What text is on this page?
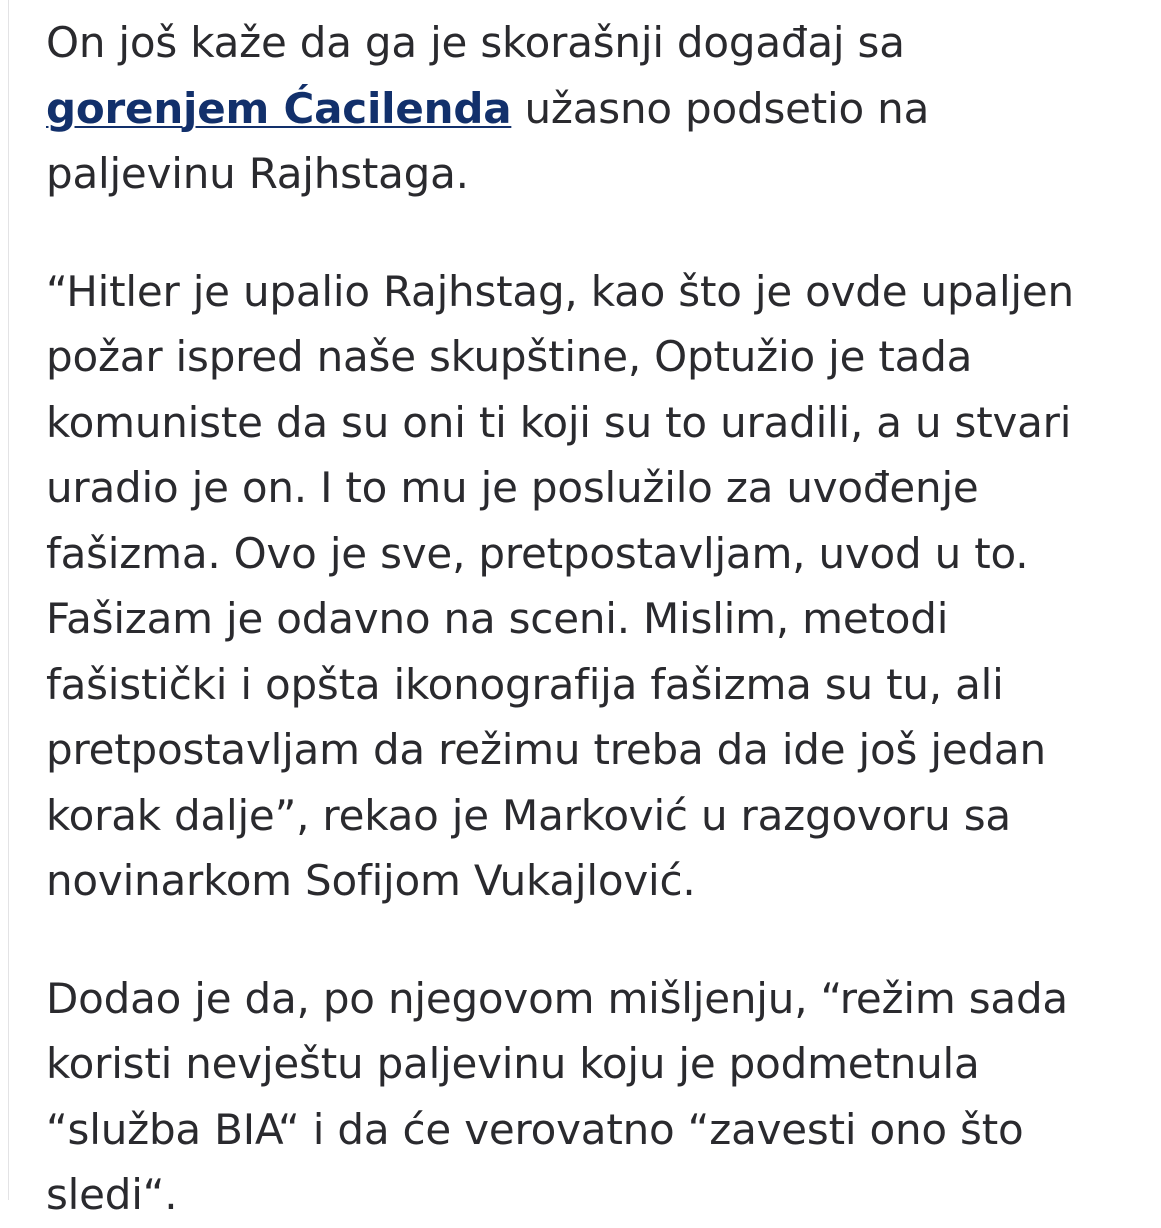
On još kaže da ga je skorašnji događaj sa gorenjem Ćacilenda užasno podsetio na paljevinu Rajhstaga.

“Hitler je upalio Rajhstag, kao što je ovde upaljen požar ispred naše skupštine, Optužio je tada komuniste da su oni ti koji su to uradili, a u stvari uradio je on. I to mu je poslužilo za uvođenje fašizma. Ovo je sve, pretpostavljam, uvod u to. Fašizam je odavno na sceni. Mislim, metodi fašistički i opšta ikonografija fašizma su tu, ali pretpostavljam da režimu treba da ide još jedan korak dalje”, rekao je Marković u razgovoru sa novinarkom Sofijom Vukajlović.

Dodao je da, po njegovom mišljenju, “režim sada koristi nevještu paljevinu koju je podmetnula “služba BIA“ i da će verovatno “zavesti ono što sledi“.
